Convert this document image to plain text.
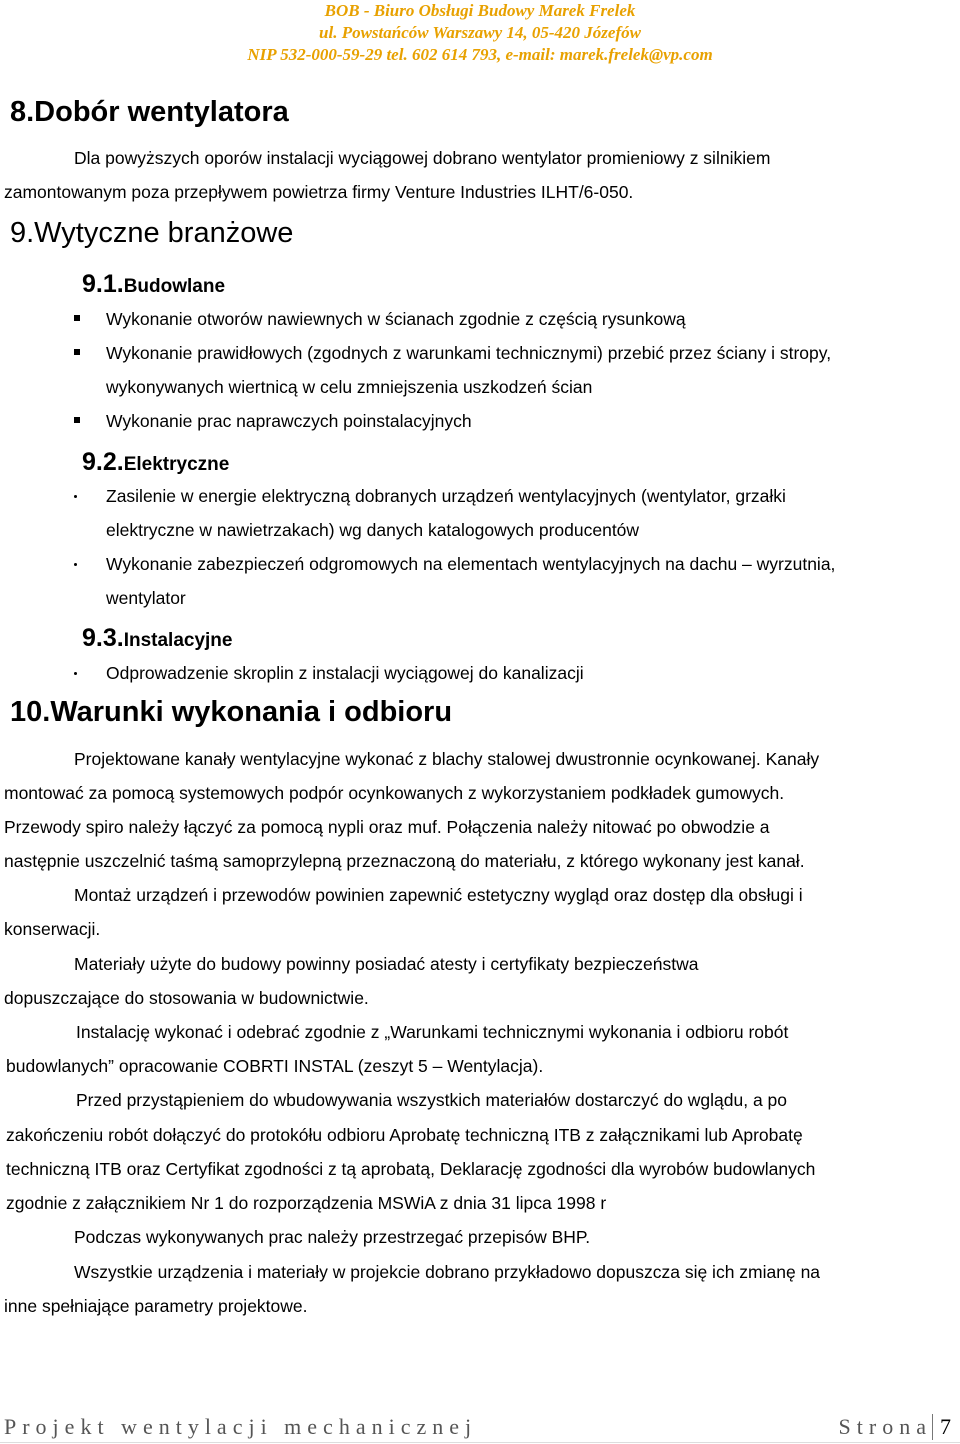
BOB - Biuro Obsługi Budowy Marek Frelek
ul. Powstańców Warszawy 14, 05-420 Józefów
NIP 532-000-59-29 tel. 602 614 793, e-mail: marek.frelek@vp.com
8.Dobór wentylatora
Dla powyższych oporów instalacji wyciągowej dobrano wentylator promieniowy z silnikiem
zamontowanym poza przepływem powietrza firmy Venture Industries ILHT/6-050.
9.Wytyczne branżowe
9.1.Budowlane
Wykonanie otworów nawiewnych w ścianach zgodnie z częścią rysunkową
Wykonanie prawidłowych (zgodnych z warunkami technicznymi) przebić przez ściany i stropy,
wykonywanych wiertnicą w celu zmniejszenia uszkodzeń ścian
Wykonanie prac naprawczych poinstalacyjnych
9.2.Elektryczne
Zasilenie w energie elektryczną dobranych urządzeń wentylacyjnych (wentylator, grzałki
elektryczne w nawietrzakach) wg danych katalogowych producentów
Wykonanie zabezpieczeń odgromowych na elementach wentylacyjnych na dachu – wyrzutnia,
wentylator
9.3.Instalacyjne
Odprowadzenie skroplin z instalacji wyciągowej do kanalizacji
10.Warunki wykonania i odbioru
Projektowane kanały wentylacyjne wykonać z blachy stalowej dwustronnie ocynkowanej. Kanały
montować za pomocą systemowych podpór ocynkowanych z wykorzystaniem podkładek gumowych.
Przewody spiro należy łączyć za pomocą nypli oraz muf. Połączenia należy nitować po obwodzie a
następnie uszczelnić taśmą samoprzylepną przeznaczoną do materiału, z którego wykonany jest kanał.
Montaż urządzeń i przewodów powinien zapewnić estetyczny wygląd oraz dostęp dla obsługi i
konserwacji.
Materiały użyte do budowy powinny posiadać atesty i certyfikaty bezpieczeństwa
dopuszczające do stosowania w budownictwie.
Instalację wykonać i odebrać zgodnie z „Warunkami technicznymi wykonania i odbioru robót
budowlanych” opracowanie COBRTI INSTAL (zeszyt 5 – Wentylacja).
Przed przystąpieniem do wbudowywania wszystkich materiałów dostarczyć do wglądu, a po
zakończeniu robót dołączyć do protokółu odbioru Aprobatę techniczną ITB z załącznikami lub Aprobatę
techniczną ITB oraz Certyfikat zgodności z tą aprobatą, Deklarację zgodności dla wyrobów budowlanych
zgodnie z załącznikiem Nr 1 do rozporządzenia MSWiA z dnia 31 lipca 1998 r
Podczas wykonywanych prac należy przestrzegać przepisów BHP.
Wszystkie urządzenia i materiały w projekcie dobrano przykładowo dopuszcza się ich zmianę na
inne spełniające parametry projektowe.
Projekt wentylacji mechanicznej	Strona 7
